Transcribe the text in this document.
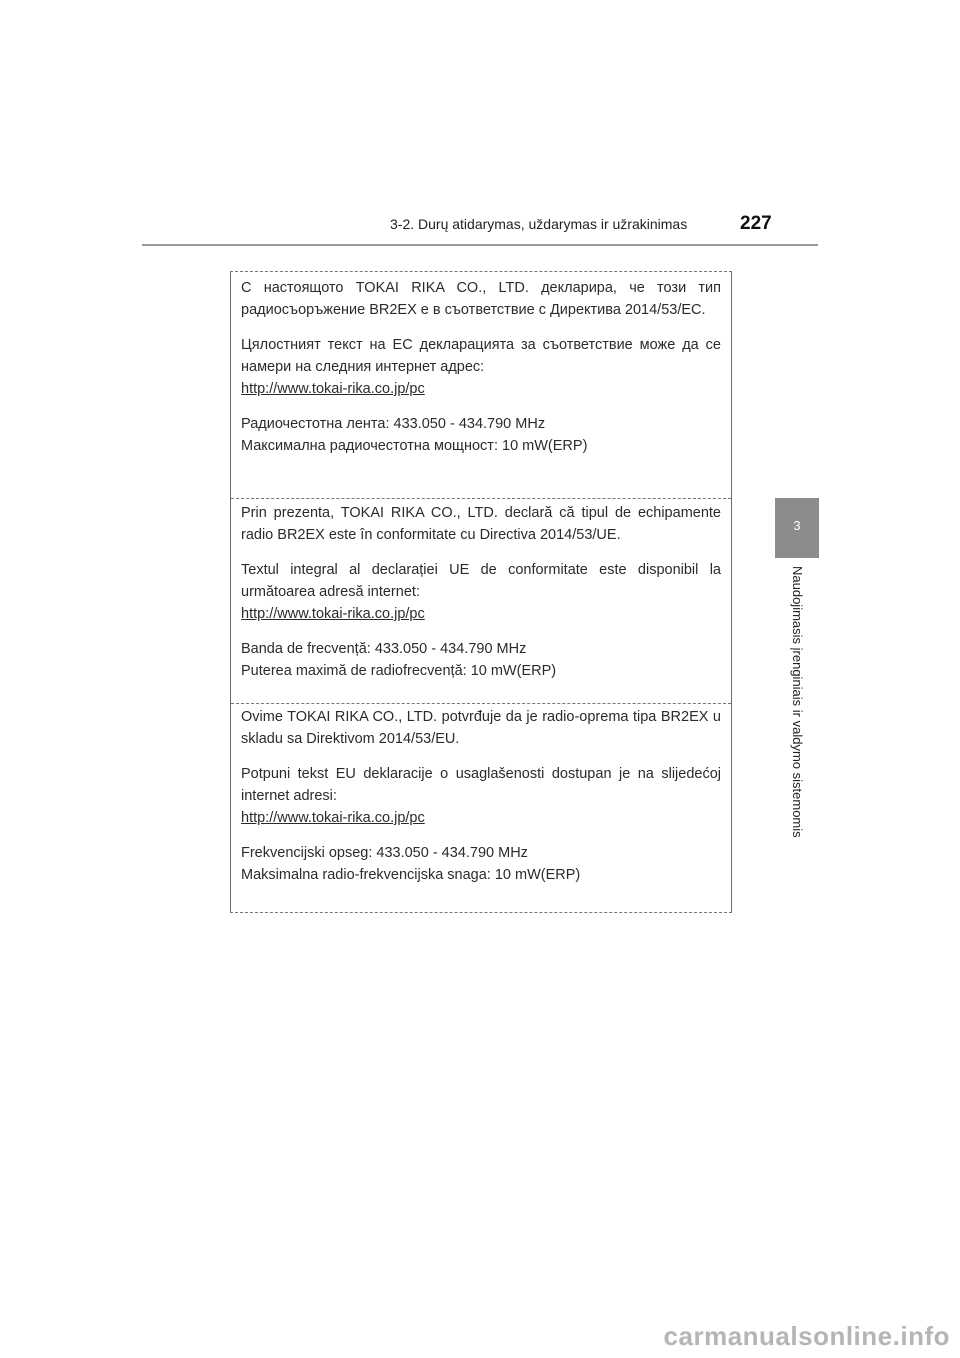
3-2. Durų atidarymas, uždarymas ir užrakinimas	227
3
Naudojimasis įrenginiais ir valdymo sistemomis

С настоящото TOKAI RIKA CO., LTD. декларира, че този тип радиосъоръжение BR2EX е в съответствие с Директива 2014/53/ЕС.

Цялостният текст на ЕС декларацията за съответствие може да се намери на следния интернет адрес:

http://www.tokai-rika.co.jp/pc

Радиочестотна лента: 433.050 - 434.790 MHz

Максимална радиочестотна мощност: 10 mW(ERP)

Prin prezenta, TOKAI RIKA CO., LTD. declară că tipul de echipamente radio BR2EX este în conformitate cu Directiva 2014/53/UE.

Textul integral al declarației UE de conformitate este disponibil la următoarea adresă internet:

http://www.tokai-rika.co.jp/pc

Banda de frecvență: 433.050 - 434.790 MHz

Puterea maximă de radiofrecvență: 10 mW(ERP)

Ovime TOKAI RIKA CO., LTD. potvrđuje da je radio-oprema tipa BR2EX u skladu sa Direktivom 2014/53/EU.

Potpuni tekst EU deklaracije o usaglašenosti dostupan je na slijedećoj internet adresi:

http://www.tokai-rika.co.jp/pc

Frekvencijski opseg: 433.050 - 434.790 MHz

Maksimalna radio-frekvencijska snaga: 10 mW(ERP)

carmanualsonline.info
